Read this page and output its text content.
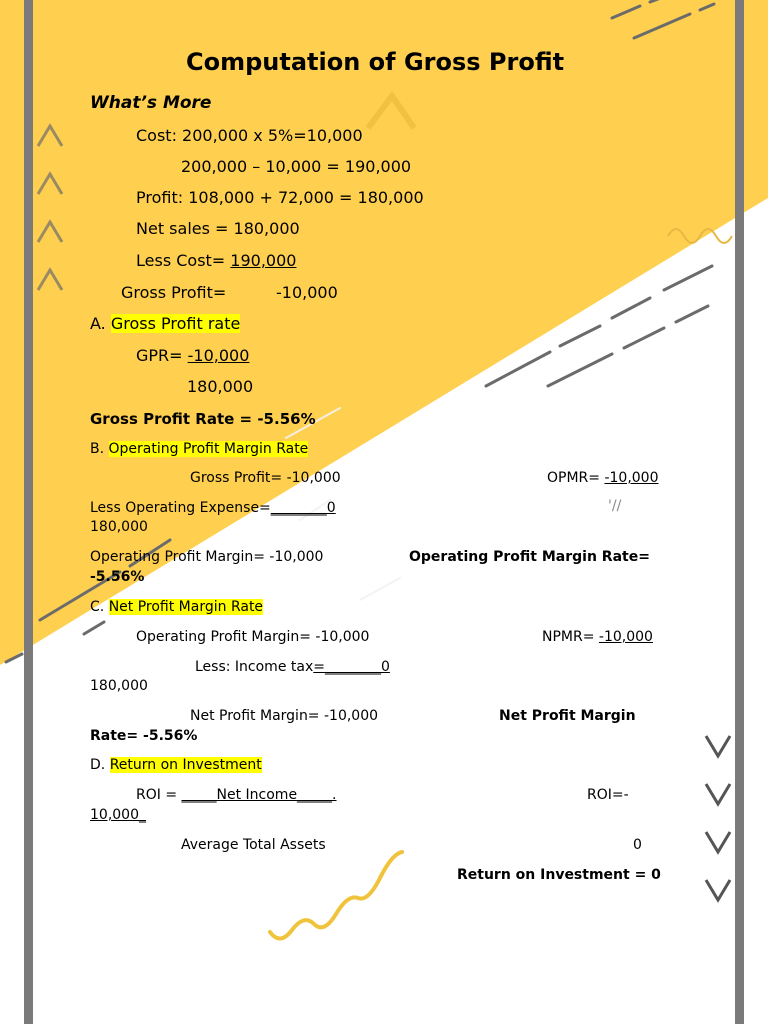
Computation of Gross Profit
What’s More
Cost: 200,000 x 5%=10,000
200,000 – 10,000 = 190,000
Profit: 108,000 + 72,000 = 180,000
Net sales = 180,000
Less Cost= 190,000
Gross Profit=	-10,000
A. Gross Profit rate
GPR= -10,000
180,000
Gross Profit Rate = -5.56%
B. Operating Profit Margin Rate
Gross Profit= -10,000	OPMR= -10,000
'//
Less Operating Expense=________0
180,000
Operating Profit Margin= -10,000	Operating Profit Margin Rate=
-5.56%
C. Net Profit Margin Rate
Operating Profit Margin= -10,000	NPMR= -10,000
Less: Income tax=________0
180,000
Net Profit Margin= -10,000	Net Profit Margin
Rate= -5.56%
D. Return on Investment
ROI = _____Net Income_____.	ROI=-
10,000_
Average Total Assets	0
Return on Investment = 0
